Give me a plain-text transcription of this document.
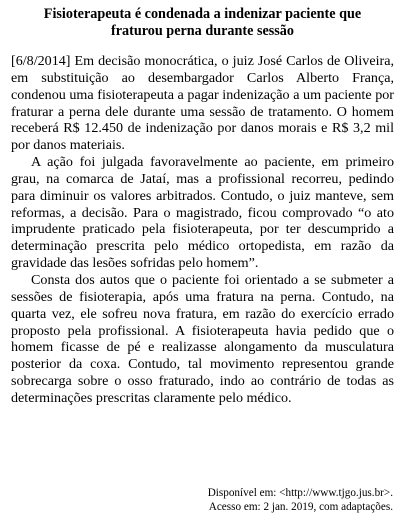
Fisioterapeuta é condenada a indenizar paciente que fraturou perna durante sessão

[6/8/2014] Em decisão monocrática, o juiz José Carlos de Oliveira, em substituição ao desembargador Carlos Alberto França, condenou uma fisioterapeuta a pagar indenização a um paciente por fraturar a perna dele durante uma sessão de tratamento. O homem receberá R$ 12.450 de indenização por danos morais e R$ 3,2 mil por danos materiais.

A ação foi julgada favoravelmente ao paciente, em primeiro grau, na comarca de Jataí, mas a profissional recorreu, pedindo para diminuir os valores arbitrados. Contudo, o juiz manteve, sem reformas, a decisão. Para o magistrado, ficou comprovado “o ato imprudente praticado pela fisioterapeuta, por ter descumprido a determinação prescrita pelo médico ortopedista, em razão da gravidade das lesões sofridas pelo homem”.

Consta dos autos que o paciente foi orientado a se submeter a sessões de fisioterapia, após uma fratura na perna. Contudo, na quarta vez, ele sofreu nova fratura, em razão do exercício errado proposto pela profissional. A fisioterapeuta havia pedido que o homem ficasse de pé e realizasse alongamento da musculatura posterior da coxa. Contudo, tal movimento representou grande sobrecarga sobre o osso fraturado, indo ao contrário de todas as determinações prescritas claramente pelo médico.

Disponível em: <http://www.tjgo.jus.br>.
Acesso em: 2 jan. 2019, com adaptações.
